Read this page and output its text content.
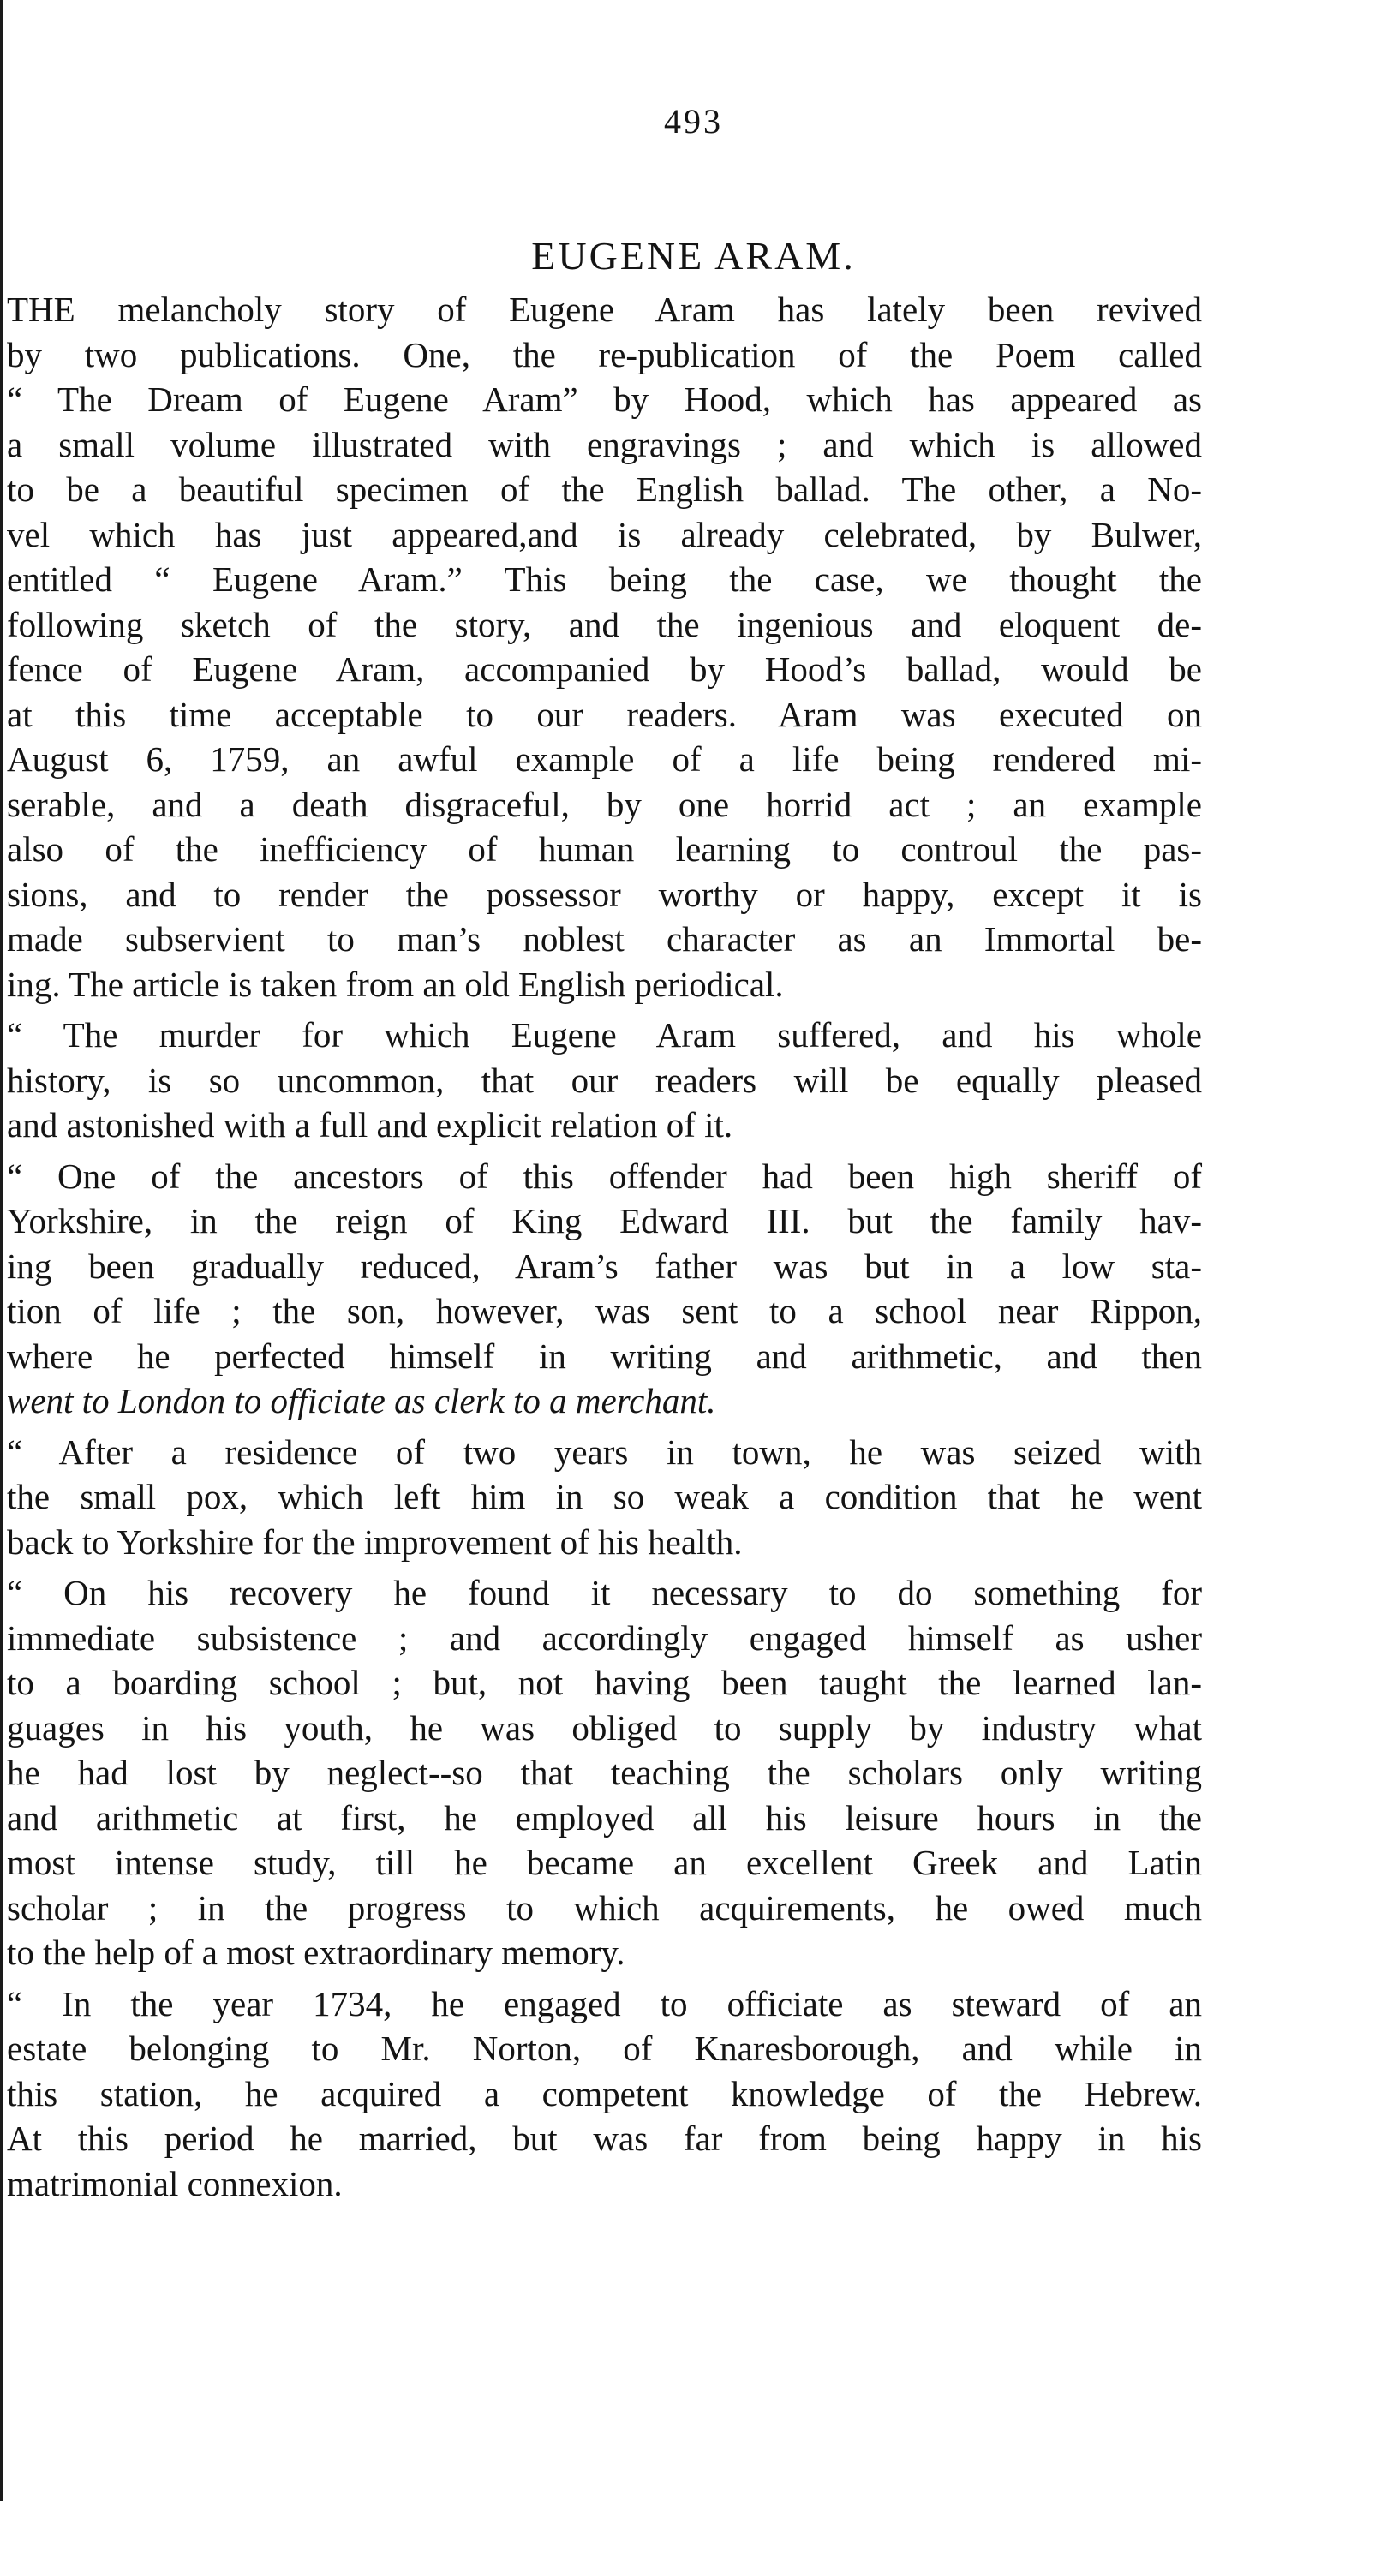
493
EUGENE ARAM.
THE melancholy story of Eugene Aram has lately been revived
by two publications. One, the re-publication of the Poem called
“ The Dream of Eugene Aram” by Hood, which has appeared as
a small volume illustrated with engravings ; and which is allowed
to be a beautiful specimen of the English ballad. The other, a No-
vel which has just appeared,and is already celebrated, by Bulwer,
entitled “ Eugene Aram.” This being the case, we thought the
following sketch of the story, and the ingenious and eloquent de-
fence of Eugene Aram, accompanied by Hood’s ballad, would be
at this time acceptable to our readers. Aram was executed on
August 6, 1759, an awful example of a life being rendered mi-
serable, and a death disgraceful, by one horrid act ; an example
also of the inefficiency of human learning to controul the pas-
sions, and to render the possessor worthy or happy, except it is
made subservient to man’s noblest character as an Immortal be-
ing. The article is taken from an old English periodical.
“ The murder for which Eugene Aram suffered, and his whole
history, is so uncommon, that our readers will be equally pleased
and astonished with a full and explicit relation of it.
“ One of the ancestors of this offender had been high sheriff of
Yorkshire, in the reign of King Edward III. but the family hav-
ing been gradually reduced, Aram’s father was but in a low sta-
tion of life ; the son, however, was sent to a school near Rippon,
where he perfected himself in writing and arithmetic, and then
went to London to officiate as clerk to a merchant.
“ After a residence of two years in town, he was seized with
the small pox, which left him in so weak a condition that he went
back to Yorkshire for the improvement of his health.
“ On his recovery he found it necessary to do something for
immediate subsistence ; and accordingly engaged himself as usher
to a boarding school ; but, not having been taught the learned lan-
guages in his youth, he was obliged to supply by industry what
he had lost by neglect--so that teaching the scholars only writing
and arithmetic at first, he employed all his leisure hours in the
most intense study, till he became an excellent Greek and Latin
scholar ; in the progress to which acquirements, he owed much
to the help of a most extraordinary memory.
“ In the year 1734, he engaged to officiate as steward of an
estate belonging to Mr. Norton, of Knaresborough, and while in
this station, he acquired a competent knowledge of the Hebrew.
At this period he married, but was far from being happy in his
matrimonial connexion.
